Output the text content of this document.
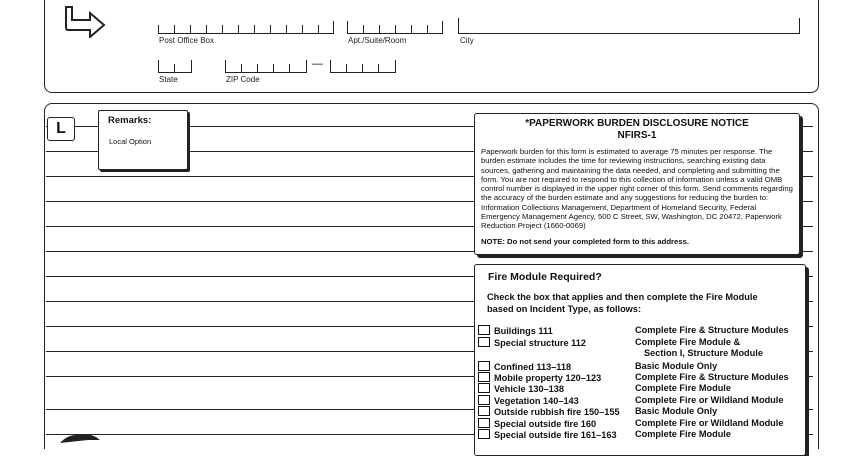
Post Office Box	Apt./Suite/Room	City
State
—
ZIP Code
L	Remarks:
Local Option
*PAPERWORK BURDEN DISCLOSURE NOTICE
NFIRS-1
Paperwork burden for this form is estimated to average 75 minutes per response. The burden estimate includes the time for reviewing instructions, searching existing data sources, gathering and maintaining the data needed, and completing and submitting the form. You are not required to respond to this collection of information unless a valid OMB control number is displayed in the upper right corner of this form. Send comments regarding the accuracy of the burden estimate and any suggestions for reducing the burden to: Information Collections Management, Department of Homeland Security, Federal Emergency Management Agency, 500 C Street, SW, Washington, DC 20472, Paperwork Reduction Project (1660-0069)
NOTE: Do not send your completed form to this address.
Fire Module Required?
Check the box that applies and then complete the Fire Module
based on Incident Type, as follows:
Buildings 111	Complete Fire & Structure Modules
Special structure 112	Complete Fire Module &
Section I, Structure Module
Confined 113–118	Basic Module Only
Mobile property 120–123	Complete Fire & Structure Modules
Vehicle 130–138	Complete Fire Module
Vegetation 140–143	Complete Fire or Wildland Module
Outside rubbish fire 150–155 Basic Module Only
Special outside fire 160	Complete Fire or Wildland Module
Special outside fire 161–163 Complete Fire Module
